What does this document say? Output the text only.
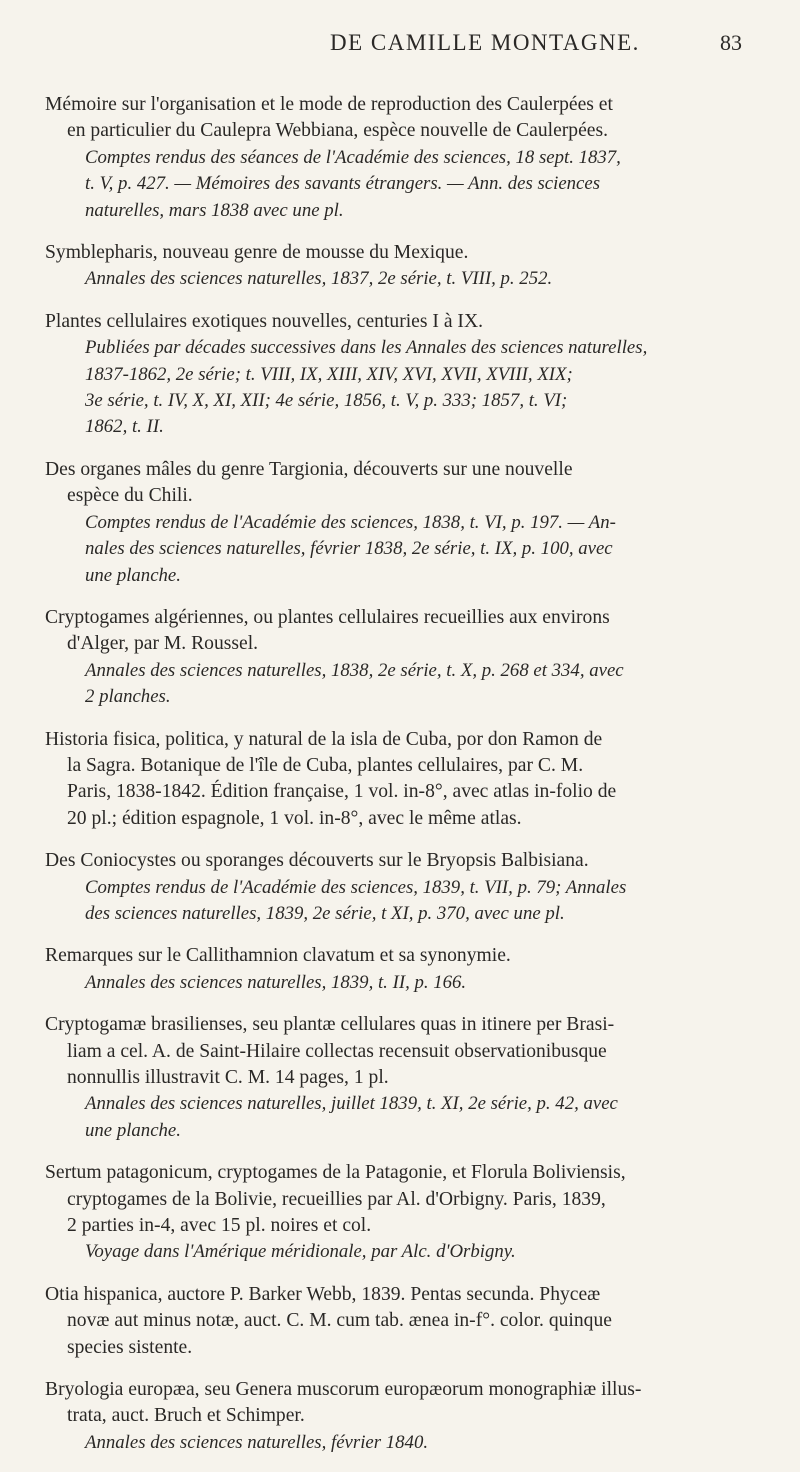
DE CAMILLE MONTAGNE.	83
Mémoire sur l'organisation et le mode de reproduction des Caulerpées et
en particulier du Caulepra Webbiana, espèce nouvelle de Caulerpées.
Comptes rendus des séances de l'Académie des sciences, 18 sept. 1837,
t. V, p. 427. — Mémoires des savants étrangers. — Ann. des sciences
naturelles, mars 1838 avec une pl.
Symblepharis, nouveau genre de mousse du Mexique.
Annales des sciences naturelles, 1837, 2e série, t. VIII, p. 252.
Plantes cellulaires exotiques nouvelles, centuries I à IX.
Publiées par décades successives dans les Annales des sciences naturelles,
1837-1862, 2e série; t. VIII, IX, XIII, XIV, XVI, XVII, XVIII, XIX;
3e série, t. IV, X, XI, XII; 4e série, 1856, t. V, p. 333; 1857, t. VI;
1862, t. II.
Des organes mâles du genre Targionia, découverts sur une nouvelle
espèce du Chili.
Comptes rendus de l'Académie des sciences, 1838, t. VI, p. 197. — An-
nales des sciences naturelles, février 1838, 2e série, t. IX, p. 100, avec
une planche.
Cryptogames algériennes, ou plantes cellulaires recueillies aux environs
d'Alger, par M. Roussel.
Annales des sciences naturelles, 1838, 2e série, t. X, p. 268 et 334, avec
2 planches.
Historia fisica, politica, y natural de la isla de Cuba, por don Ramon de
la Sagra. Botanique de l'île de Cuba, plantes cellulaires, par C. M.
Paris, 1838-1842. Édition française, 1 vol. in-8°, avec atlas in-folio de
20 pl.; édition espagnole, 1 vol. in-8°, avec le même atlas.
Des Coniocystes ou sporanges découverts sur le Bryopsis Balbisiana.
Comptes rendus de l'Académie des sciences, 1839, t. VII, p. 79; Annales
des sciences naturelles, 1839, 2e série, t XI, p. 370, avec une pl.
Remarques sur le Callithamnion clavatum et sa synonymie.
Annales des sciences naturelles, 1839, t. II, p. 166.
Cryptogamæ brasilienses, seu plantæ cellulares quas in itinere per Brasi-
liam a cel. A. de Saint-Hilaire collectas recensuit observationibusque
nonnullis illustravit C. M. 14 pages, 1 pl.
Annales des sciences naturelles, juillet 1839, t. XI, 2e série, p. 42, avec
une planche.
Sertum patagonicum, cryptogames de la Patagonie, et Florula Boliviensis,
cryptogames de la Bolivie, recueillies par Al. d'Orbigny. Paris, 1839,
2 parties in-4, avec 15 pl. noires et col.
Voyage dans l'Amérique méridionale, par Alc. d'Orbigny.
Otia hispanica, auctore P. Barker Webb, 1839. Pentas secunda. Phyceæ
novæ aut minus notæ, auct. C. M. cum tab. ænea in-f°. color. quinque
species sistente.
Bryologia europæa, seu Genera muscorum europæorum monographiæ illus-
trata, auct. Bruch et Schimper.
Annales des sciences naturelles, février 1840.
